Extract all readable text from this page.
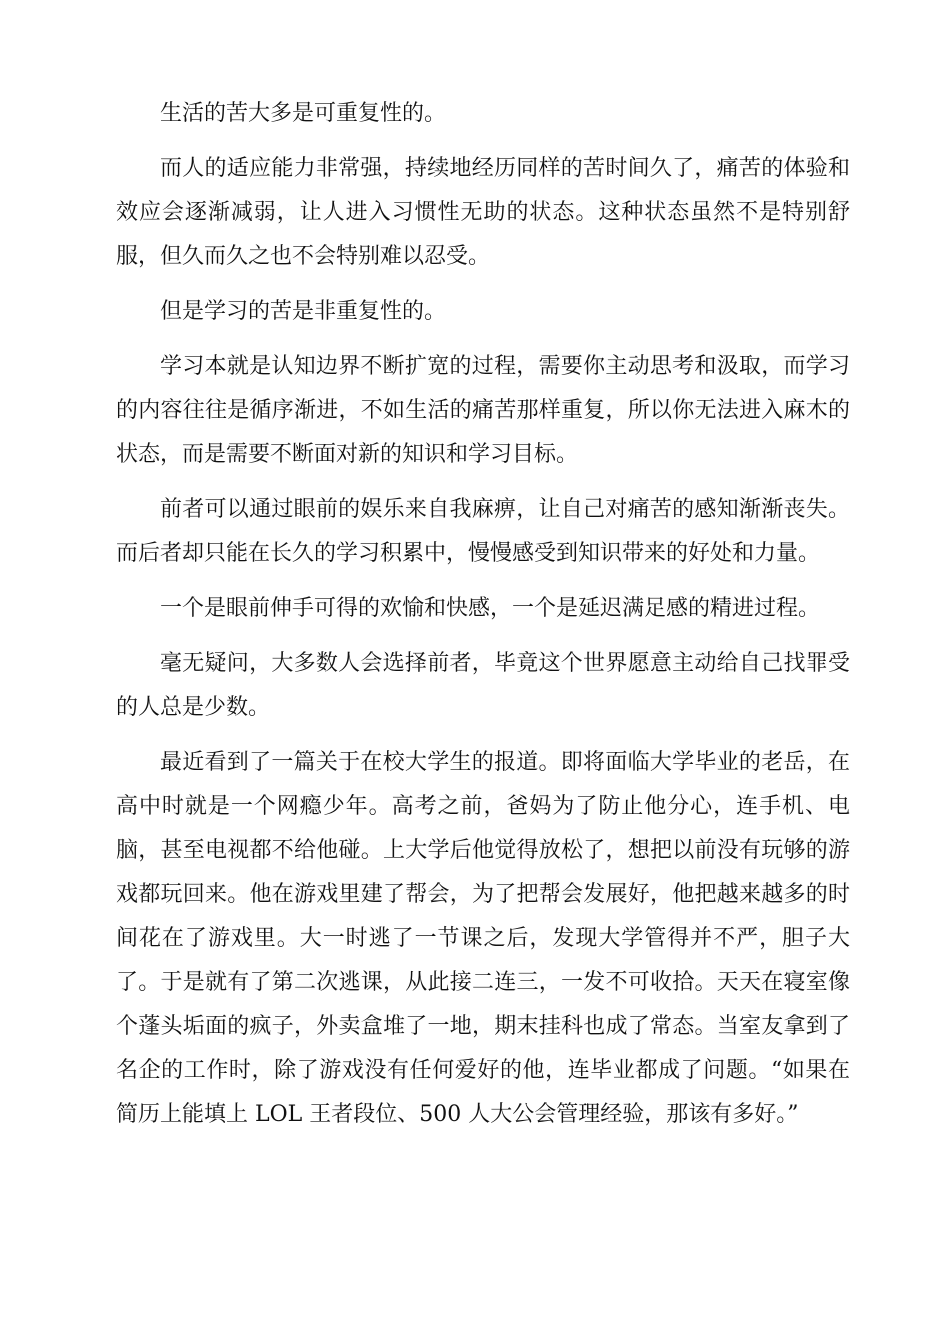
生活的苦大多是可重复性的。

而人的适应能力非常强，持续地经历同样的苦时间久了，痛苦的体验和效应会逐渐减弱，让人进入习惯性无助的状态。这种状态虽然不是特别舒服，但久而久之也不会特别难以忍受。

但是学习的苦是非重复性的。

学习本就是认知边界不断扩宽的过程，需要你主动思考和汲取，而学习的内容往往是循序渐进，不如生活的痛苦那样重复，所以你无法进入麻木的状态，而是需要不断面对新的知识和学习目标。

前者可以通过眼前的娱乐来自我麻痹，让自己对痛苦的感知渐渐丧失。而后者却只能在长久的学习积累中，慢慢感受到知识带来的好处和力量。

一个是眼前伸手可得的欢愉和快感，一个是延迟满足感的精进过程。

毫无疑问，大多数人会选择前者，毕竟这个世界愿意主动给自己找罪受的人总是少数。

最近看到了一篇关于在校大学生的报道。即将面临大学毕业的老岳，在高中时就是一个网瘾少年。高考之前，爸妈为了防止他分心，连手机、电脑，甚至电视都不给他碰。上大学后他觉得放松了，想把以前没有玩够的游戏都玩回来。他在游戏里建了帮会，为了把帮会发展好，他把越来越多的时间花在了游戏里。大一时逃了一节课之后，发现大学管得并不严，胆子大了。于是就有了第二次逃课，从此接二连三，一发不可收拾。天天在寝室像个蓬头垢面的疯子，外卖盒堆了一地，期末挂科也成了常态。当室友拿到了名企的工作时，除了游戏没有任何爱好的他，连毕业都成了问题。“如果在简历上能填上 LOL 王者段位、500 人大公会管理经验，那该有多好。”
